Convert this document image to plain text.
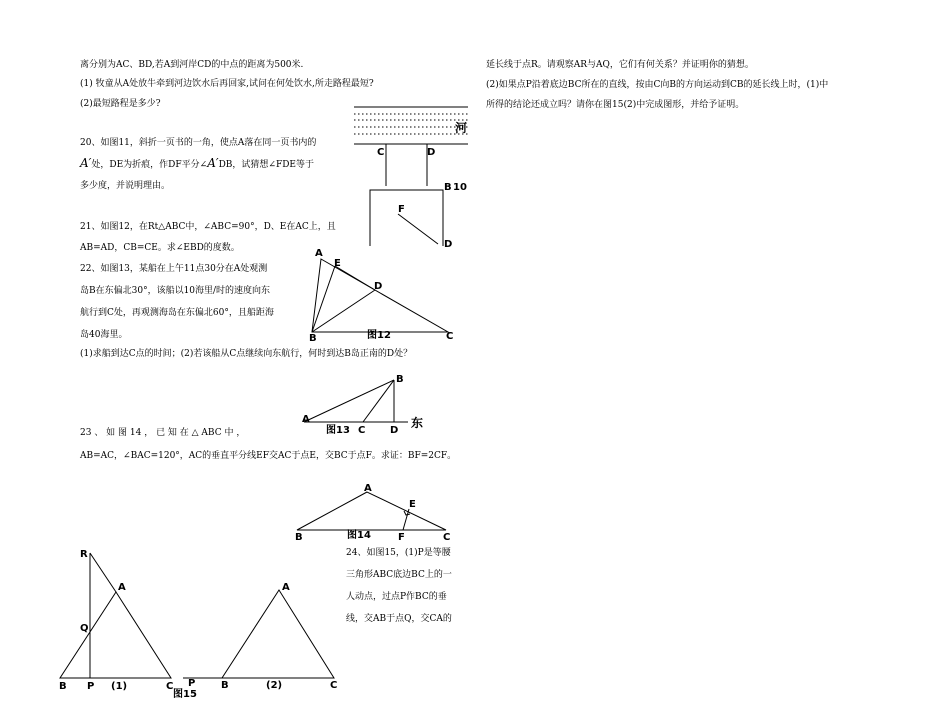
离分别为AC、BD,若A到河岸CD的中点的距离为500米.
(1) 牧童从A处放牛牵到河边饮水后再回家,试问在何处饮水,所走路程最短?
(2)最短路程是多少?
20、如图11，斜折一页书的一角，使点A落在同一页书内的
A′处，DE为折痕，作DF平分∠A′DB，试猜想∠FDE等于
多少度，并说明理由。
21、如图12，在Rt△ABC中，∠ABC=90°，D、E在AC上，且
AB=AD，CB=CE。求∠EBD的度数。
22、如图13，某船在上午11点30分在A处观测
岛B在东偏北30°，该船以10海里/时的速度向东
航行到C处，再观测海岛在东偏北60°，且船距海
岛40海里。
(1)求船到达C点的时间；(2)若该船从C点继续向东航行，何时到达B岛正南的D处？
23 、 如 图 14 ， 已 知 在 △ ABC 中 ，
AB=AC，∠BAC=120°，AC的垂直平分线EF交AC于点E，交BC于点F。求证：BF=2CF。
24、如图15，(1)P是等腰
三角形ABC底边BC上的一
人动点，过点P作BC的垂
线，交AB于点Q，交CA的
延长线于点R。请观察AR与AQ，它们有何关系？并证明你的猜想。
(2)如果点P沿着底边BC所在的直线，按由C向B的方向运动到CB的延长线上时，(1)中
所得的结论还成立吗？请你在图15(2)中完成图形，并给予证明。
河
C	D
B 10
F
D
A
E
D
B	C
图12
B
A
C D
东
图13
A
E
B	F	C
图14
R
A
Q
B P (1)	C P
A
B	(2)	C
图15
